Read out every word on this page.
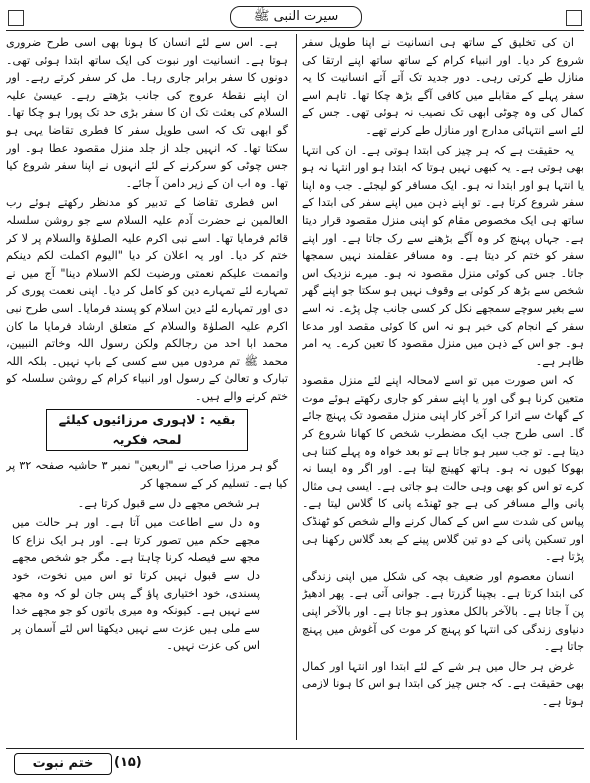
سیرت النبی ﷺ

ان کی تخلیق کے ساتھ ہی انسانیت نے اپنا طویل سفر شروع کر دیا۔ اور انبیاء کرام کے ساتھ ساتھ اپنے ارتقا کی منازل طے کرتی رہی۔ دور جدید تک آتے آتے انسانیت کا یہ سفر پہلے کے مقابلے میں کافی آگے بڑھ چکا تھا۔ تاہم اسے کمال کی وہ چوٹی ابھی تک نصیب نہ ہوئی تھی۔ جس کے لئے اسے انتہائی مدارج اور منازل طے کرنے تھے۔

یہ حقیقت ہے کہ ہر چیز کی ابتدا ہوتی ہے۔ ان کی انتہا بھی ہوتی ہے۔ یہ کبھی نہیں ہوتا کہ ابتدا ہو اور انتہا نہ ہو یا انتہا ہو اور ابتدا نہ ہو۔ ایک مسافر کو لیجئے۔ جب وہ اپنا سفر شروع کرتا ہے۔ تو اپنے ذہن میں اپنے سفر کی ابتدا کے ساتھ ہی ایک مخصوص مقام کو اپنی منزل مقصود قرار دیتا ہے۔ جہاں پہنچ کر وہ آگے بڑھنے سے رک جاتا ہے۔ اور اپنے سفر کو ختم کر دیتا ہے۔ وہ مسافر عقلمند نہیں سمجھا جاتا۔ جس کی کوئی منزل مقصود نہ ہو۔ میرے نزدیک اس شخص سے بڑھ کر کوئی بے وقوف نہیں ہو سکتا جو اپنے گھر سے بغیر سوچے سمجھے نکل کر کسی جانب چل پڑے۔ نہ اسے سفر کے انجام کی خبر ہو نہ اس کا کوئی مقصد اور مدعا ہو۔ جو اس کے ذہن میں منزل مقصود کا تعین کرے۔ یہ امر ظاہر ہے۔

کہ اس صورت میں تو اسے لامحالہ اپنے لئے منزل مقصود متعین کرنا ہو گی اور یا اپنے سفر کو جاری رکھتے ہوئے موت کے گھاٹ سے اترا کر آخر کار اپنی منزل مقصود تک پہنچ جائے گا۔ اسی طرح جب ایک مضطرب شخص کا کھانا شروع کر دیتا ہے۔ تو جب سیر ہو جاتا ہے تو بعد خواہ وہ پہلے کتنا ہی بھوکا کیوں نہ ہو۔ ہاتھ کھینچ لیتا ہے۔ اور اگر وہ ایسا نہ کرے تو اس کو بھی وہی حالت ہو جاتی ہے۔ ایسی ہی مثال پانی والے مسافر کی ہے جو ٹھنڈے پانی کا گلاس لیتا ہے۔ پیاس کی شدت سے اس کے کمال کرنے والے شخص کو ٹھنڈک اور تسکین پانی کے دو تین گلاس پینے کے بعد گلاس رکھنا ہی پڑتا ہے۔

انسان معصوم اور ضعیف بچہ کی شکل میں اپنی زندگی کی ابتدا کرتا ہے۔ بچپنا گزرتا ہے۔ جوانی آتی ہے۔ پھر ادھیڑ پن آ جاتا ہے۔ بالآخر بالکل معذور ہو جاتا ہے۔ اور بالآخر اپنی دنیاوی زندگی کی انتہا کو پہنچ کر موت کی آغوش میں پہنچ جاتا ہے۔

غرض ہر حال میں ہر شے کے لئے ابتدا اور انتہا اور کمال بھی حقیقت ہے۔ کہ جس چیز کی ابتدا ہو اس کا ہونا لازمی ہوتا ہے۔

ہے۔ اس سے لئے انسان کا ہونا بھی اسی طرح ضروری ہوتا ہے۔ انسانیت اور نبوت کی ایک ساتھ ابتدا ہوئی تھی۔ دونوں کا سفر برابر جاری رہا۔ مل کر سفر کرتے رہے۔ اور ان اپنے نقطۂ عروج کی جانب بڑھتے رہے۔ عیسیٰ علیہ السلام کی بعثت تک ان کا سفر بڑی حد تک پورا ہو چکا تھا۔ گو ابھی تک کہ اسی طویل سفر کا فطری تقاضا یہی ہو سکتا تھا۔ کہ انہیں جلد از جلد منزل مقصود عطا ہو۔ اور جس چوٹی کو سرکرنے کے لئے انہوں نے اپنا سفر شروع کیا تھا۔ وہ اب ان کے زیر دامن آ جائے۔

اس فطری تقاضا کے تدبیر کو مدنظر رکھتے ہوئے رب العالمین نے حضرت آدم علیہ السلام سے جو روشن سلسلہ قائم فرمایا تھا۔ اسے نبی اکرم علیہ الصلوٰۃ والسلام پر لا کر ختم کر دیا۔ اور یہ اعلان کر دیا "الیوم اکملت لکم دینکم واتممت علیکم نعمتی ورضیت لکم الاسلام دینا" آج میں نے تمہارے لئے تمہارے دین کو کامل کر دیا۔ اپنی نعمت پوری کر دی اور تمہارے لئے دین اسلام کو پسند فرمایا۔ اسی طرح نبی اکرم علیہ الصلوٰۃ والسلام کے متعلق ارشاد فرمایا ما کان محمد ابا احد من رجالکم ولکن رسول اللہ وخاتم النبیین، محمد ﷺ تم مردوں میں سے کسی کے باپ نہیں۔ بلکہ اللہ تبارک و تعالیٰ کے رسول اور انبیاء کرام کے روشن سلسلہ کو ختم کرنے والے ہیں۔

بقیہ : لاہوری مرزائیوں کیلئے لمحہ فکریہ

گو ہر مرزا صاحب نے "اربعین" نمبر ۳ حاشیہ صفحہ ۳۲ پر کیا ہے۔ تسلیم کر کے سمجھا کر

ہر شخص مجھے دل سے قبول کرتا ہے۔

وہ دل سے اطاعت میں آتا ہے۔ اور ہر حالت میں مجھے حکم میں تصور کرتا ہے۔ اور ہر ایک نزاع کا مجھ سے فیصلہ کرنا چاہتا ہے۔ مگر جو شخص مجھے دل سے قبول نہیں کرتا تو اس میں نخوت، خود پسندی، خود اختیاری پاؤ گے پس جان لو کہ وہ مجھ سے نہیں ہے۔ کیونکہ وہ میری باتوں کو جو مجھے خدا سے ملی ہیں عزت سے نہیں دیکھتا اس لئے آسمان پر اس کی عزت نہیں۔

ختم نبوت	(۱۵)
